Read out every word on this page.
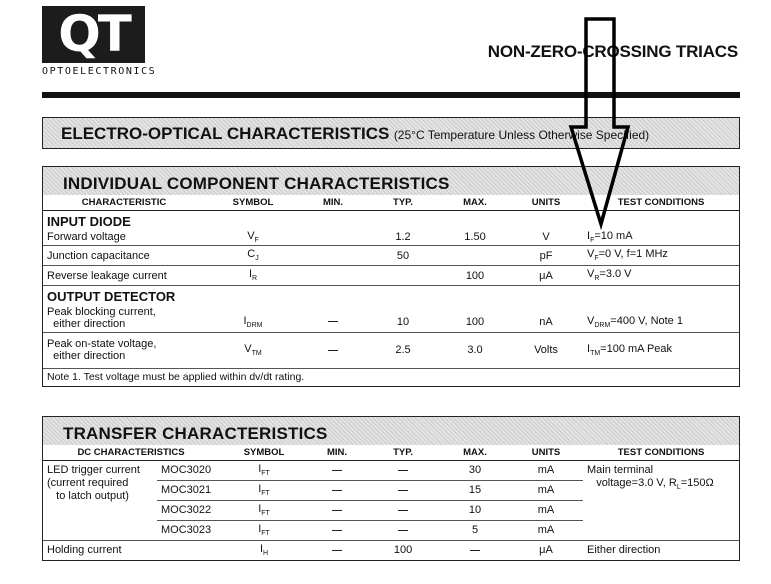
QT
OPTOELECTRONICS
NON-ZERO-CROSSING TRIACS
ELECTRO-OPTICAL CHARACTERISTICS (25°C Temperature Unless Otherwise Specified)
INDIVIDUAL COMPONENT CHARACTERISTICS
CHARACTERISTIC	SYMBOL	MIN.	TYP.	MAX.	UNITS	TEST CONDITIONS
INPUT DIODE						
Forward voltage	$V_F$		1.2	1.50	V	$I_F=10$ mA
Junction capacitance	$C_J$		50		pF	$V_F=0$ V, f=1 MHz
Reverse leakage current	$I_R$			100	μA	$V_R=3.0$ V
OUTPUT DETECTOR						
Peak blocking current,
either direction	$I_{DRM}$		10	100	nA	$V_{DRM}=400$ V, Note 1
Peak on-state voltage,
either direction	$V_{TM}$		2.5	3.0	Volts	$I_{TM}=100$ mA Peak
Note 1. Test voltage must be applied within dv/dt rating.						
TRANSFER CHARACTERISTICS
DC CHARACTERISTICS		SYMBOL	MIN.	TYP.	MAX.	UNITS	TEST CONDITIONS
LED trigger current
(current required
to latch output)	MOC3020	$I_{FT}$			30	mA	Main terminal
voltage=3.0 V, $R_L=150\Omega$
	MOC3021	$I_{FT}$			15	mA	
	MOC3022	$I_{FT}$			10	mA	
	MOC3023	$I_{FT}$			5	mA	
Holding current		$I_H$		100		μA	Either direction
